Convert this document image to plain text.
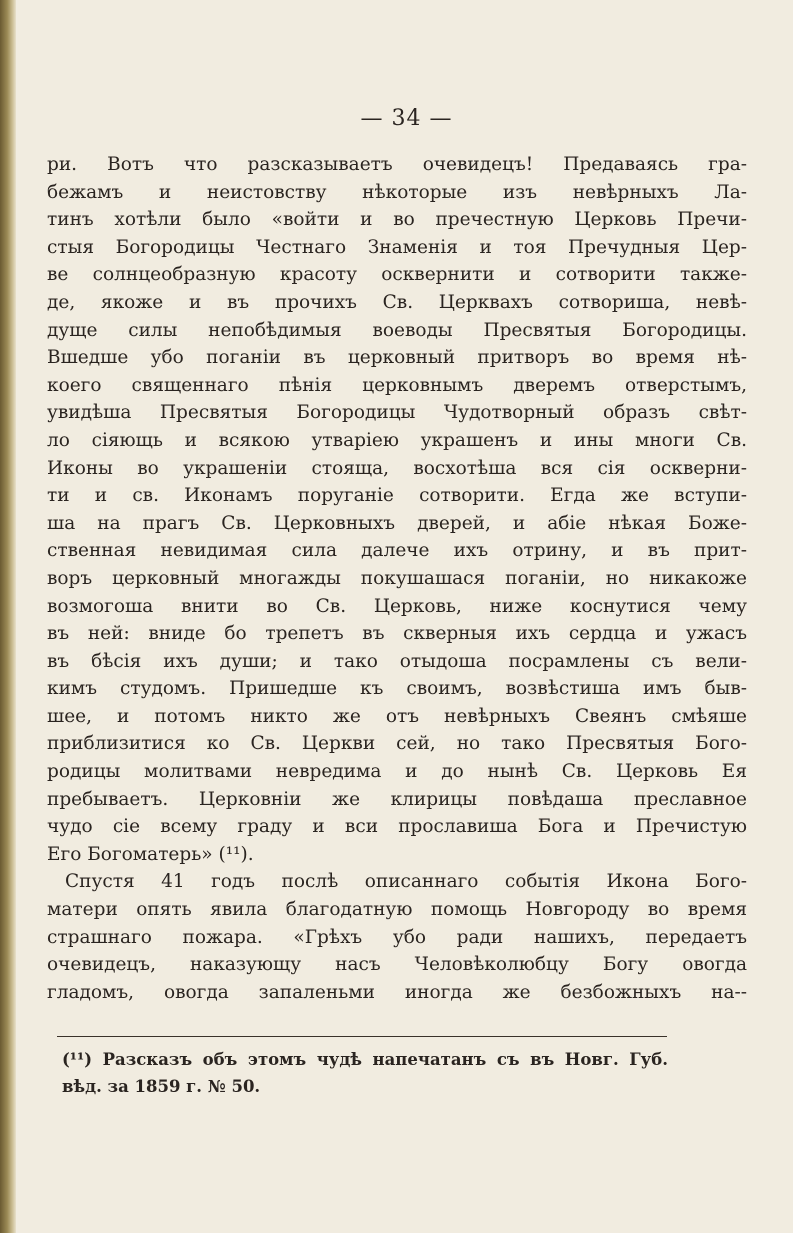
— 34 —
ри. Вотъ что разсказываетъ очевидецъ! Предаваясь гра-
бежамъ и неистовству нѣкоторые изъ невѣрныхъ Ла-
тинъ хотѣли было «войти и во пречестную Церковь Пречи-
стыя Богородицы Честнаго Знаменія и тоя Пречудныя Цер-
ве солнцеобразную красоту осквернити и сотворити также-
де, якоже и въ прочихъ Св. Церквахъ сотвориша, невѣ-
дуще силы непобѣдимыя воеводы Пресвятыя Богородицы.
Вшедше убо поганіи въ церковный притворъ во время нѣ-
коего священнаго пѣнія церковнымъ дверемъ отверстымъ,
увидѣша Пресвятыя Богородицы Чудотворный образъ свѣт-
ло сіяющь и всякою утваріею украшенъ и ины многи Св.
Иконы во украшеніи стояща, восхотѣша вся сія оскверни-
ти и св. Иконамъ поруганіе сотворити. Егда же вступи-
ша на прагъ Св. Церковныхъ дверей, и абіе нѣкая Боже-
ственная невидимая сила далече ихъ отрину, и въ прит-
воръ церковный многажды покушашася поганіи, но никакоже
возмогоша внити во Св. Церковь, ниже коснутися чему
въ ней: вниде бо трепетъ въ скверныя ихъ сердца и ужасъ
въ бѣсія ихъ души; и тако отыдоша посрамлены съ вели-
кимъ студомъ. Пришедше къ своимъ, возвѣстиша имъ быв-
шее, и потомъ никто же отъ невѣрныхъ Свеянъ смѣяше
приблизитися ко Св. Церкви сей, но тако Пресвятыя Бого-
родицы молитвами невредима и до нынѣ Св. Церковь Ея
пребываетъ. Церковніи же клирицы повѣдаша преславное
чудо сіе всему граду и вси прославиша Бога и Пречистую
Его Богоматерь» (¹¹).
Спустя 41 годъ послѣ описаннаго событія Икона Бого-
матери опять явила благодатную помощь Новгороду во время
страшнаго пожара. «Грѣхъ убо ради нашихъ, передаетъ
очевидецъ, наказующу насъ Человѣколюбцу Богу овогда
гладомъ, овогда запаленьми иногда же безбожныхъ на--
(¹¹) Разсказъ объ этомъ чудѣ напечатанъ съ въ Новг. Губ.
вѣд. за 1859 г. № 50.
